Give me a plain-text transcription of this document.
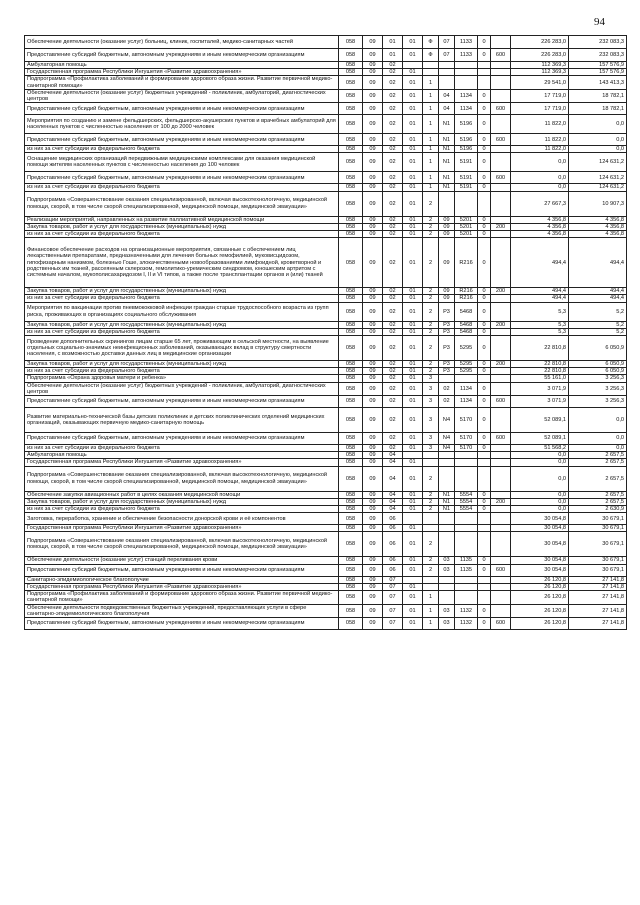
94
Обеспечение деятельности (оказание услуг) больниц, клиник, госпиталей, медико-санитарных частей	058	09	01	01	Ф	07	1133	0		226 283,0	232 083,3
Предоставление субсидий бюджетным, автономным учреждениям и иным некоммерческим организациям	058	09	01	01	Ф	07	1133	0	600	226 283,0	232 083,3
Амбулаторная помощь	058	09	02							112 369,3	157 576,9
Государственная программа Республики Ингушетия «Развитие здравоохранения»	058	09	02	01						112 369,3	157 576,9
Подпрограмма «Профилактика заболеваний и формирование здорового образа жизни. Развитие первичной медико-санитарной помощи»	058	09	02	01	1					29 541,0	143 413,3
Обеспечение деятельности (оказание услуг) бюджетных учреждений - поликлиник, амбулаторий, диагностических центров	058	09	02	01	1	04	1134	0		17 719,0	18 782,1
Предоставление субсидий бюджетным, автономным учреждениям и иным некоммерческим организациям	058	09	02	01	1	04	1134	0	600	17 719,0	18 782,1
Мероприятия по созданию и замене фельдшерских, фельдшерско-акушерских пунктов и врачебных амбулаторий для населенных пунктов с численностью населения от 100 до 2000 человек	058	09	02	01	1	N1	5196	0		11 822,0	0,0
Предоставление субсидий бюджетным, автономным учреждениям и иным некоммерческим организациям	058	09	02	01	1	N1	5196	0	600	11 822,0	0,0
из них за счет субсидии из федерального бюджета	058	09	02	01	1	N1	5196	0		11 822,0	0,0
Оснащение медицинских организаций передвижными медицинскими комплексами для оказания медицинской помощи жителям населенных пунктов с численностью населения до 100 человек	058	09	02	01	1	N1	5191	0		0,0	124 631,2
Предоставление субсидий бюджетным, автономным учреждениям и иным некоммерческим организациям	058	09	02	01	1	N1	5191	0	600	0,0	124 631,2
из них за счет субсидии из федерального бюджета	058	09	02	01	1	N1	5191	0		0,0	124 631,2
Подпрограмма «Совершенствование оказания специализированной, включая высокотехнологичную, медицинской помощи, скорой, в том числе скорой специализированной, медицинской помощи, медицинской эвакуации»	058	09	02	01	2					27 667,3	10 907,3
Реализации мероприятий, направленных на развитие паллиативной медицинской помощи	058	09	02	01	2	09	5201	0		4 356,8	4 356,8
Закупка товаров, работ и услуг для государственных (муниципальных) нужд	058	09	02	01	2	09	5201	0	200	4 356,8	4 356,8
из них за счет субсидии из федерального бюджета	058	09	02	01	2	09	5201	0		4 356,8	4 356,8
Финансовое обеспечение расходов на организационные мероприятия, связанные с обеспечением лиц лекарственными препаратами, предназначенными для лечения больных гемофилией, муковисцидозом, гипофизарным нанизмом, болезнью Гоше, злокачественными новообразованиями лимфоидной, кроветворной и родственных им тканей, рассеянным склерозом, гемолитико-уремическим синдромом, юношеским артритом с системным началом, мукополисахаридозом I, II и VI типов, а также после трансплантации органов и (или) тканей	058	09	02	01	2	09	R216	0		494,4	494,4
Закупка товаров, работ и услуг для государственных (муниципальных) нужд	058	09	02	01	2	09	R216	0	200	494,4	494,4
из них за счет субсидии из федерального бюджета	058	09	02	01	2	09	R216	0		494,4	494,4
Мероприятия по вакцинации против пневмококковой инфекции граждан старше трудоспособного возраста из групп риска, проживающих в организациях социального обслуживания	058	09	02	01	2	P3	5468	0		5,3	5,2
Закупка товаров, работ и услуг для государственных (муниципальных) нужд	058	09	02	01	2	P3	5468	0	200	5,3	5,2
из них за счет субсидии из федерального бюджета	058	09	02	01	2	P3	5468	0		5,3	5,2
Проведение дополнительных скринингов лицам старше 65 лет, проживающим в сельской местности, на выявление отдельных социально-значимых неинфекционных заболеваний, оказывающих вклад в структуру смертности населения, с возможностью доставки данных лиц в медицинские организации	058	09	02	01	2	P3	5295	0		22 810,8	6 050,9
Закупка товаров, работ и услуг для государственных (муниципальных) нужд	058	09	02	01	2	P3	5295	0	200	22 810,8	6 050,9
из них за счет субсидии из федерального бюджета	058	09	02	01	2	P3	5295	0		22 810,8	6 050,9
Подпрограмма «Охрана здоровья матери и ребенка»	058	09	02	01	3					55 161,0	3 256,3
Обеспечение деятельности (оказание услуг) бюджетных учреждений - поликлиник, амбулаторий, диагностических центров	058	09	02	01	3	02	1134	0		3 071,9	3 256,3
Предоставление субсидий бюджетным, автономным учреждениям и иным некоммерческим организациям	058	09	02	01	3	02	1134	0	600	3 071,9	3 256,3
Развитие материально-технической базы детских поликлиник и детских поликлинических отделений медицинских организаций, оказывающих первичную медико-санитарную помощь	058	09	02	01	3	N4	5170	0		52 089,1	0,0
Предоставление субсидий бюджетным, автономным учреждениям и иным некоммерческим организациям	058	09	02	01	3	N4	5170	0	600	52 089,1	0,0
из них за счет субсидии из федерального бюджета	058	09	02	01	3	N4	5170	0		51 568,2	0,0
Амбулаторная помощь	058	09	04							0,0	2 657,5
Государственная программа Республики Ингушетия «Развитие здравоохранения»	058	09	04	01						0,0	2 657,5
Подпрограмма «Совершенствование оказания специализированной, включая высокотехнологичную, медицинской помощи, скорой, в том числе скорой специализированной, медицинской помощи, медицинской эвакуации»	058	09	04	01	2					0,0	2 657,5
Обеспечение закупки авиационных работ в целях оказания медицинской помощи	058	09	04	01	2	N1	5554	0		0,0	2 657,5
Закупка товаров, работ и услуг для государственных (муниципальных) нужд	058	09	04	01	2	N1	5554	0	200	0,0	2 657,5
из них за счет субсидии из федерального бюджета	058	09	04	01	2	N1	5554	0		0,0	2 630,9
Заготовка, переработка, хранение и обеспечение безопасности донорской крови и её компонентов	058	09	06							30 054,8	30 679,1
Государственная программа Республики Ингушетия «Развитие здравоохранения»	058	09	06	01						30 054,8	30 679,1
Подпрограмма «Совершенствование оказания специализированной, включая высокотехнологичную, медицинской помощи, скорой, в том числе скорой специализированной, медицинской помощи, медицинской эвакуации»	058	09	06	01	2					30 054,8	30 679,1
Обеспечение деятельности (оказание услуг) станций переливания крови	058	09	06	01	2	03	1135	0		30 054,8	30 679,1
Предоставление субсидий бюджетным, автономным учреждениям и иным некоммерческим организациям	058	09	06	01	2	03	1135	0	600	30 054,8	30 679,1
Санитарно-эпидемиологическое благополучие	058	09	07							26 120,8	27 141,8
Государственная программа Республики Ингушетия «Развитие здравоохранения»	058	09	07	01						26 120,8	27 141,8
Подпрограмма «Профилактика заболеваний и формирование здорового образа жизни. Развитие первичной медико-санитарной помощи»	058	09	07	01	1					26 120,8	27 141,8
Обеспечение деятельности подведомственных бюджетных учреждений, предоставляющих услуги в сфере санитарно-эпидемиологического благополучия	058	09	07	01	1	03	1132	0		26 120,8	27 141,8
Предоставление субсидий бюджетным, автономным учреждениям и иным некоммерческим организациям	058	09	07	01	1	03	1132	0	600	26 120,8	27 141,8
